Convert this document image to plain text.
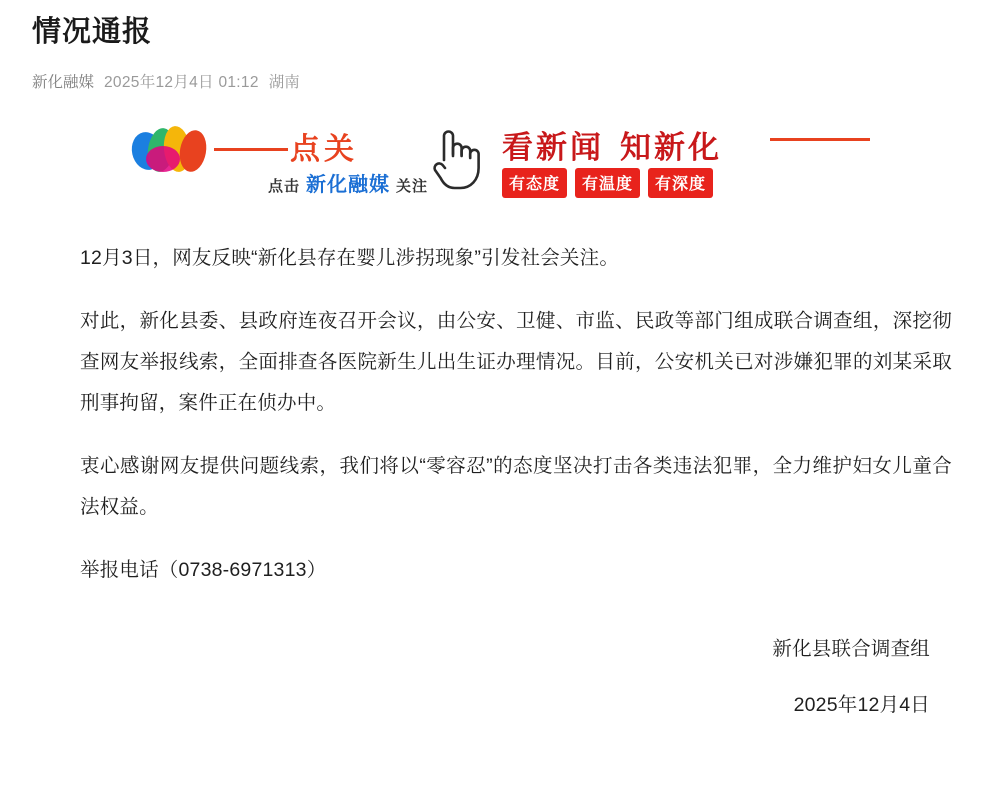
情况通报
新化融媒 2025年12月4日 01:12 湖南
点关
点击 新化融媒 关注
看新闻 知新化
有态度	有温度	有深度

12月3日，网友反映“新化县存在婴儿涉拐现象”引发社会关注。

对此，新化县委、县政府连夜召开会议，由公安、卫健、市监、民政等部门组成联合调查组，深挖彻查网友举报线索，全面排查各医院新生儿出生证办理情况。目前，公安机关已对涉嫌犯罪的刘某采取刑事拘留，案件正在侦办中。

衷心感谢网友提供问题线索，我们将以“零容忍”的态度坚决打击各类违法犯罪，全力维护妇女儿童合法权益。

举报电话（0738-6971313）
新化县联合调查组
2025年12月4日
